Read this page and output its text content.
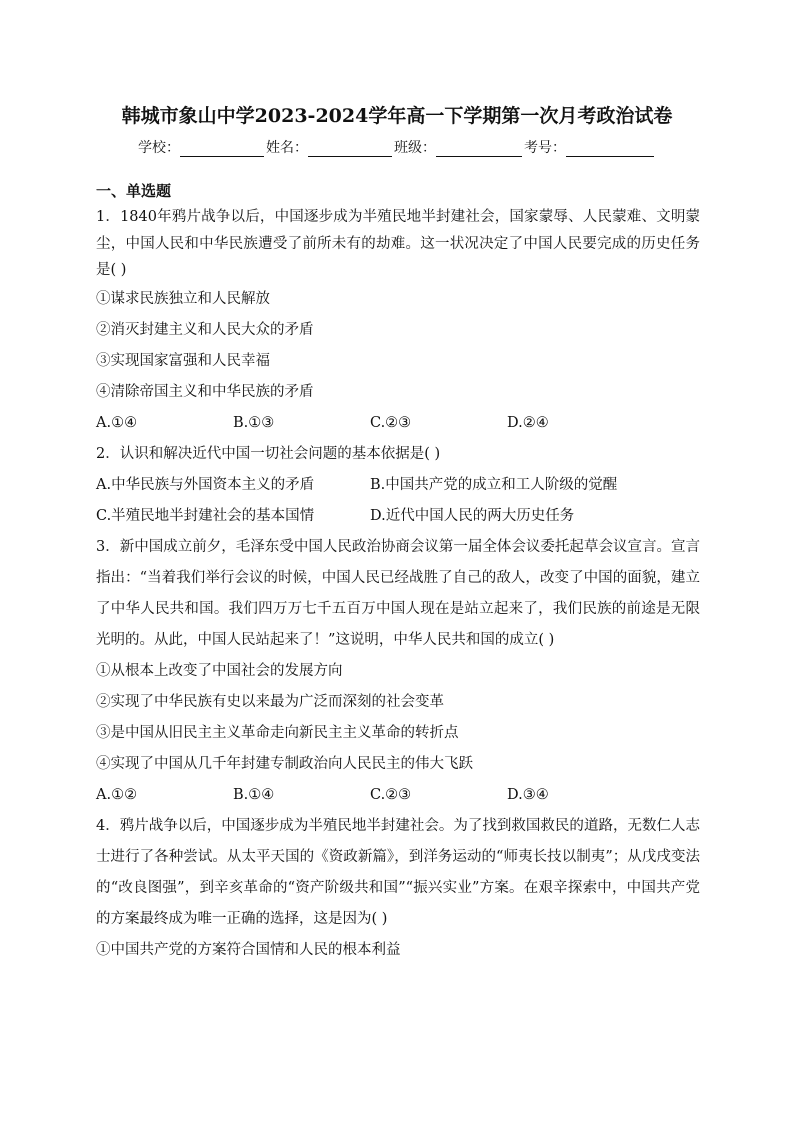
韩城市象山中学2023-2024学年高一下学期第一次月考政治试卷
学校：	姓名：	班级：	考号：
一、单选题
1．1840年鸦片战争以后，中国逐步成为半殖民地半封建社会，国家蒙辱、人民蒙难、文明蒙尘，中国人民和中华民族遭受了前所未有的劫难。这一状况决定了中国人民要完成的历史任务是( )
①谋求民族独立和人民解放
②消灭封建主义和人民大众的矛盾
③实现国家富强和人民幸福
④清除帝国主义和中华民族的矛盾
A.①④	B.①③	C.②③	D.②④
2．认识和解决近代中国一切社会问题的基本依据是( )
A.中华民族与外国资本主义的矛盾	B.中国共产党的成立和工人阶级的觉醒
C.半殖民地半封建社会的基本国情	D.近代中国人民的两大历史任务
3．新中国成立前夕，毛泽东受中国人民政治协商会议第一届全体会议委托起草会议宣言。宣言指出：“当着我们举行会议的时候，中国人民已经战胜了自己的敌人，改变了中国的面貌，建立了中华人民共和国。我们四万万七千五百万中国人现在是站立起来了，我们民族的前途是无限光明的。从此，中国人民站起来了！”这说明，中华人民共和国的成立( )
①从根本上改变了中国社会的发展方向
②实现了中华民族有史以来最为广泛而深刻的社会变革
③是中国从旧民主主义革命走向新民主主义革命的转折点
④实现了中国从几千年封建专制政治向人民民主的伟大飞跃
A.①②	B.①④	C.②③	D.③④
4．鸦片战争以后，中国逐步成为半殖民地半封建社会。为了找到救国救民的道路，无数仁人志士进行了各种尝试。从太平天国的《资政新篇》，到洋务运动的“师夷长技以制夷”；从戊戌变法的“改良图强”，到辛亥革命的“资产阶级共和国”“振兴实业”方案。在艰辛探索中，中国共产党的方案最终成为唯一正确的选择，这是因为( )
①中国共产党的方案符合国情和人民的根本利益
